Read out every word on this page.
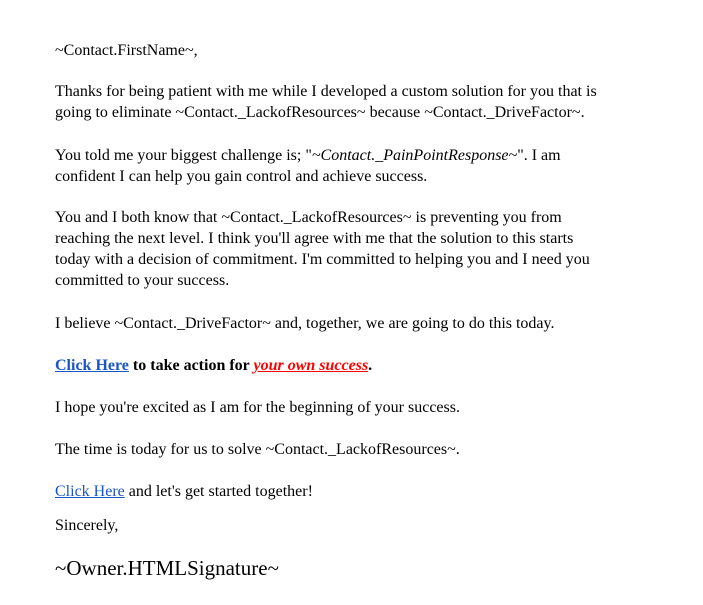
~Contact.FirstName~,

Thanks for being patient with me while I developed a custom solution for you that is
going to eliminate ~Contact._LackofResources~ because ~Contact._DriveFactor~.

You told me your biggest challenge is; "~Contact._PainPointResponse~". I am
confident I can help you gain control and achieve success.

You and I both know that ~Contact._LackofResources~ is preventing you from
reaching the next level. I think you'll agree with me that the solution to this starts
today with a decision of commitment. I'm committed to helping you and I need you
committed to your success.

I believe ~Contact._DriveFactor~ and, together, we are going to do this today.

Click Here to take action for your own success.

I hope you're excited as I am for the beginning of your success.

The time is today for us to solve ~Contact._LackofResources~.

Click Here and let's get started together!

Sincerely,

~Owner.HTMLSignature~
